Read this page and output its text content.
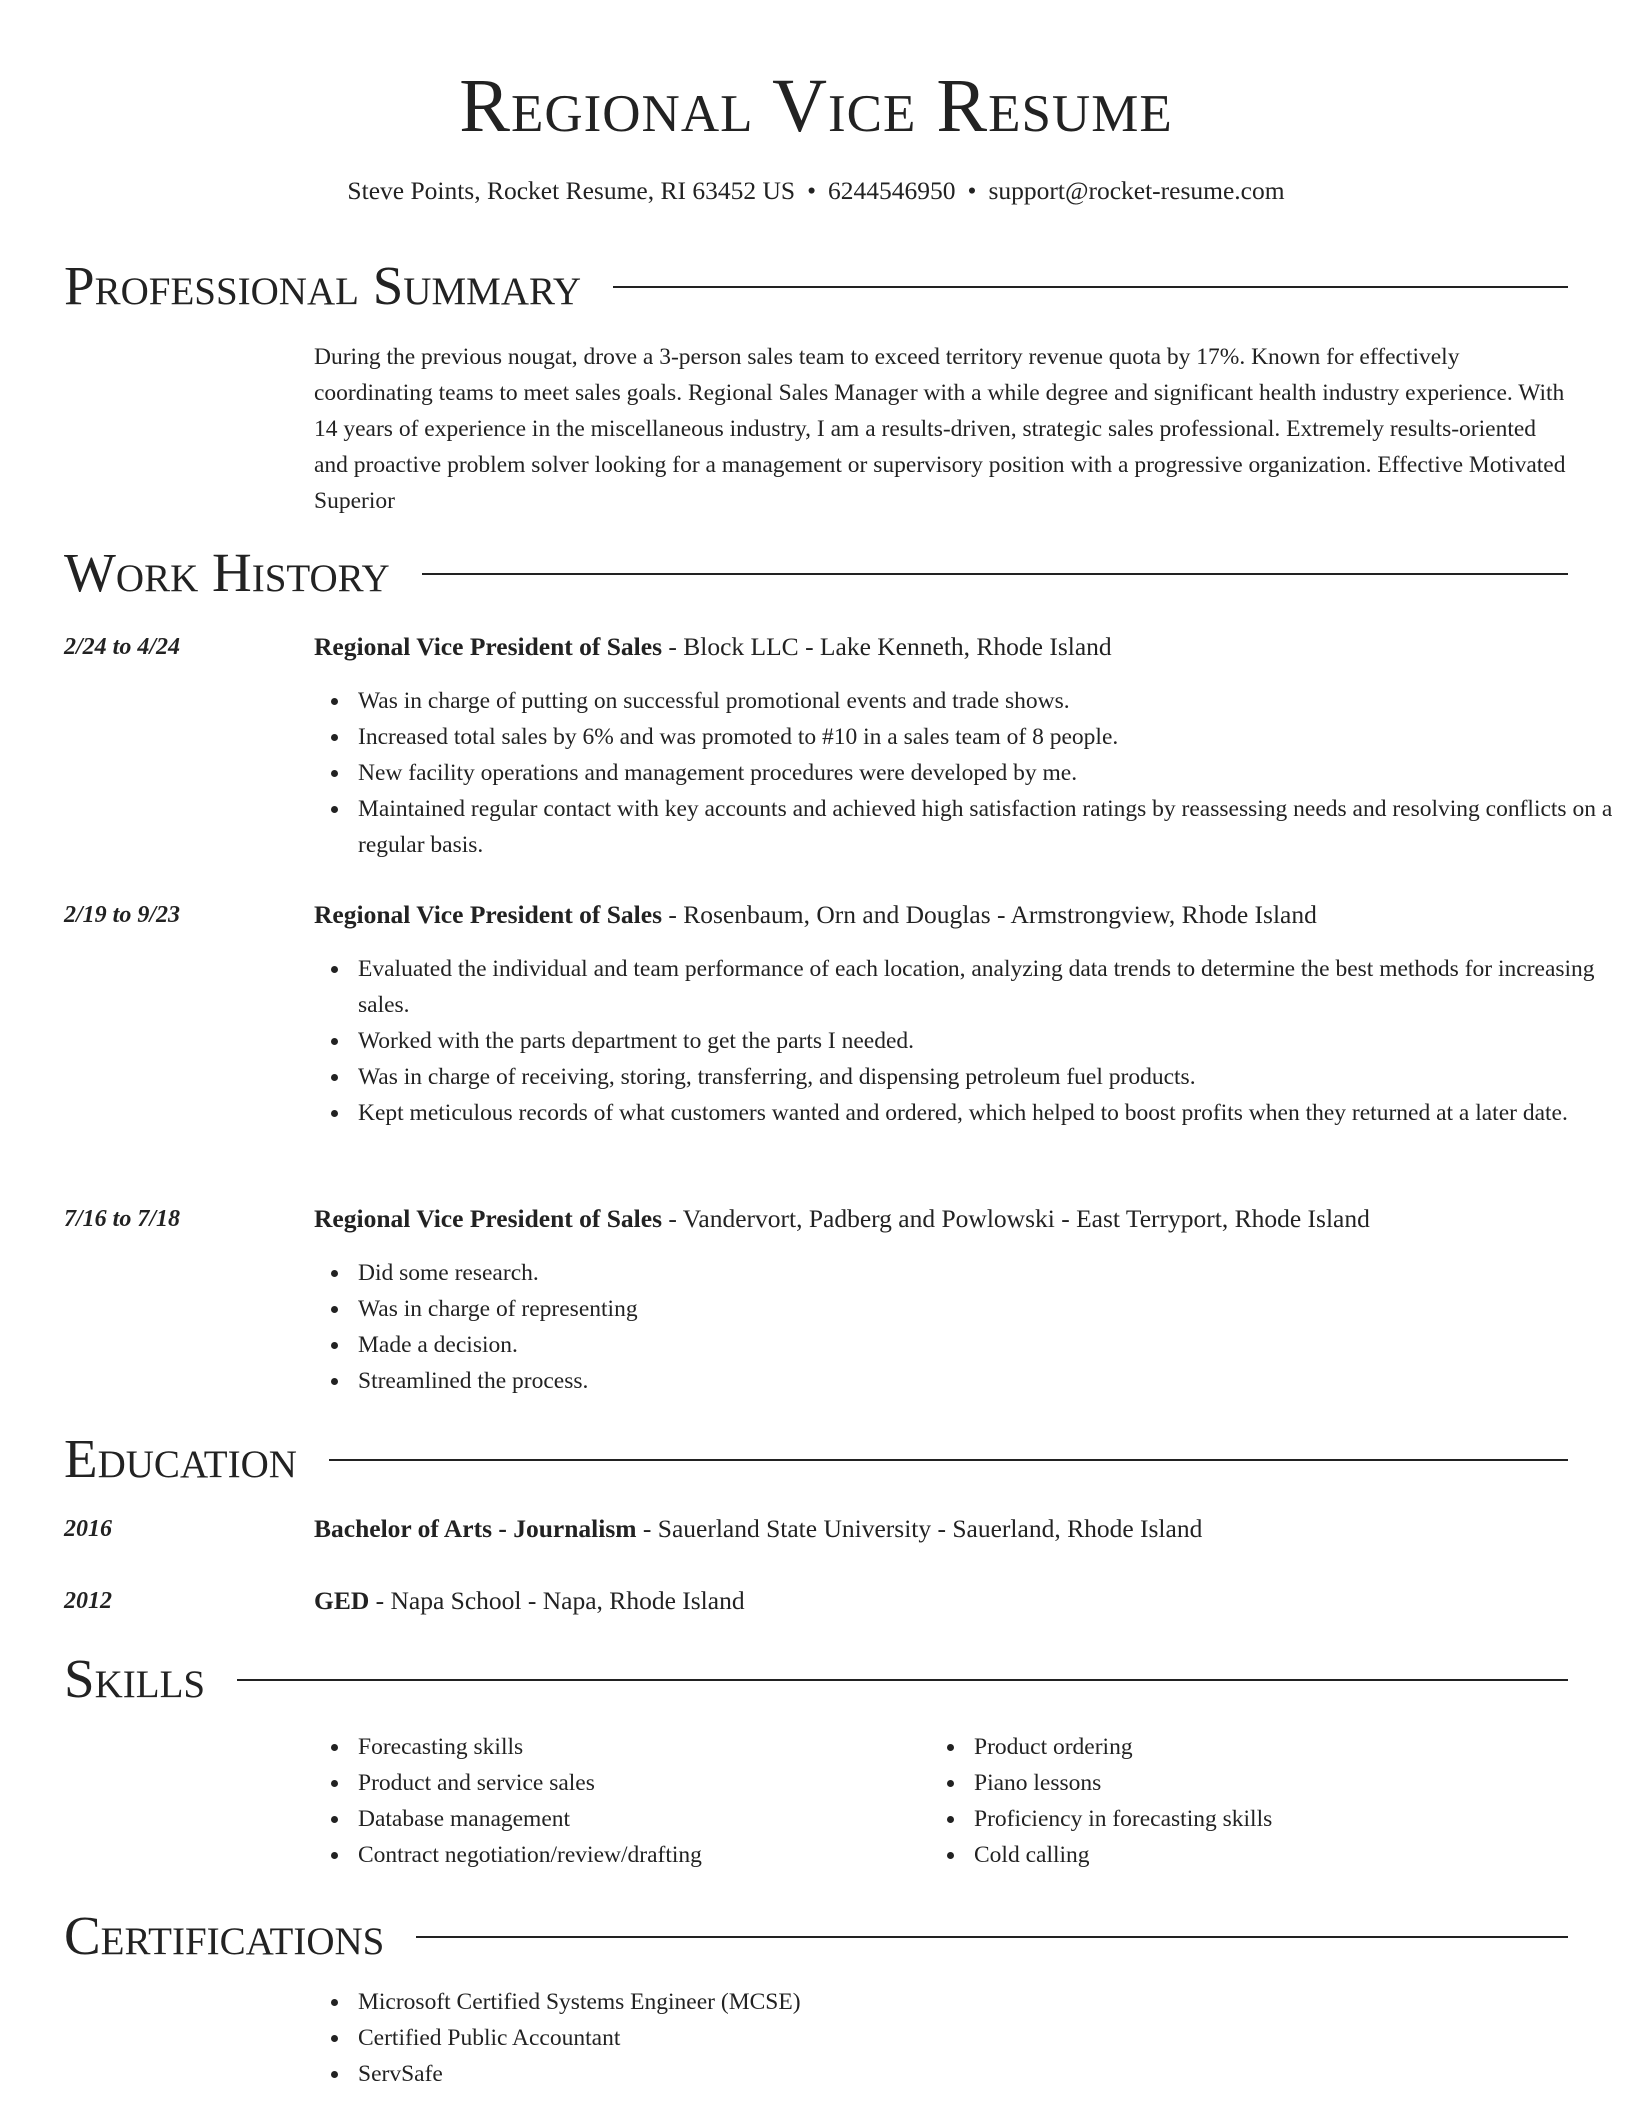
Regional Vice Resume
Steve Points, Rocket Resume, RI 63452 US • 6244546950 • support@rocket-resume.com
Professional Summary
During the previous nougat, drove a 3-person sales team to exceed territory revenue quota by 17%. Known for effectively coordinating teams to meet sales goals. Regional Sales Manager with a while degree and significant health industry experience. With 14 years of experience in the miscellaneous industry, I am a results-driven, strategic sales professional. Extremely results-oriented and proactive problem solver looking for a management or supervisory position with a progressive organization. Effective Motivated Superior
Work History
2/24 to 4/24	Regional Vice President of Sales - Block LLC - Lake Kenneth, Rhode Island
Was in charge of putting on successful promotional events and trade shows.
Increased total sales by 6% and was promoted to #10 in a sales team of 8 people.
New facility operations and management procedures were developed by me.
Maintained regular contact with key accounts and achieved high satisfaction ratings by reassessing needs and resolving conflicts on a regular basis.
2/19 to 9/23	Regional Vice President of Sales - Rosenbaum, Orn and Douglas - Armstrongview, Rhode Island
Evaluated the individual and team performance of each location, analyzing data trends to determine the best methods for increasing sales.
Worked with the parts department to get the parts I needed.
Was in charge of receiving, storing, transferring, and dispensing petroleum fuel products.
Kept meticulous records of what customers wanted and ordered, which helped to boost profits when they returned at a later date.
7/16 to 7/18	Regional Vice President of Sales - Vandervort, Padberg and Powlowski - East Terryport, Rhode Island
Did some research.
Was in charge of representing
Made a decision.
Streamlined the process.
Education
2016	Bachelor of Arts - Journalism - Sauerland State University - Sauerland, Rhode Island
2012	GED - Napa School - Napa, Rhode Island
Skills
Forecasting skills
Product and service sales
Database management
Contract negotiation/review/drafting
Product ordering
Piano lessons
Proficiency in forecasting skills
Cold calling
Certifications
Microsoft Certified Systems Engineer (MCSE)
Certified Public Accountant
ServSafe
